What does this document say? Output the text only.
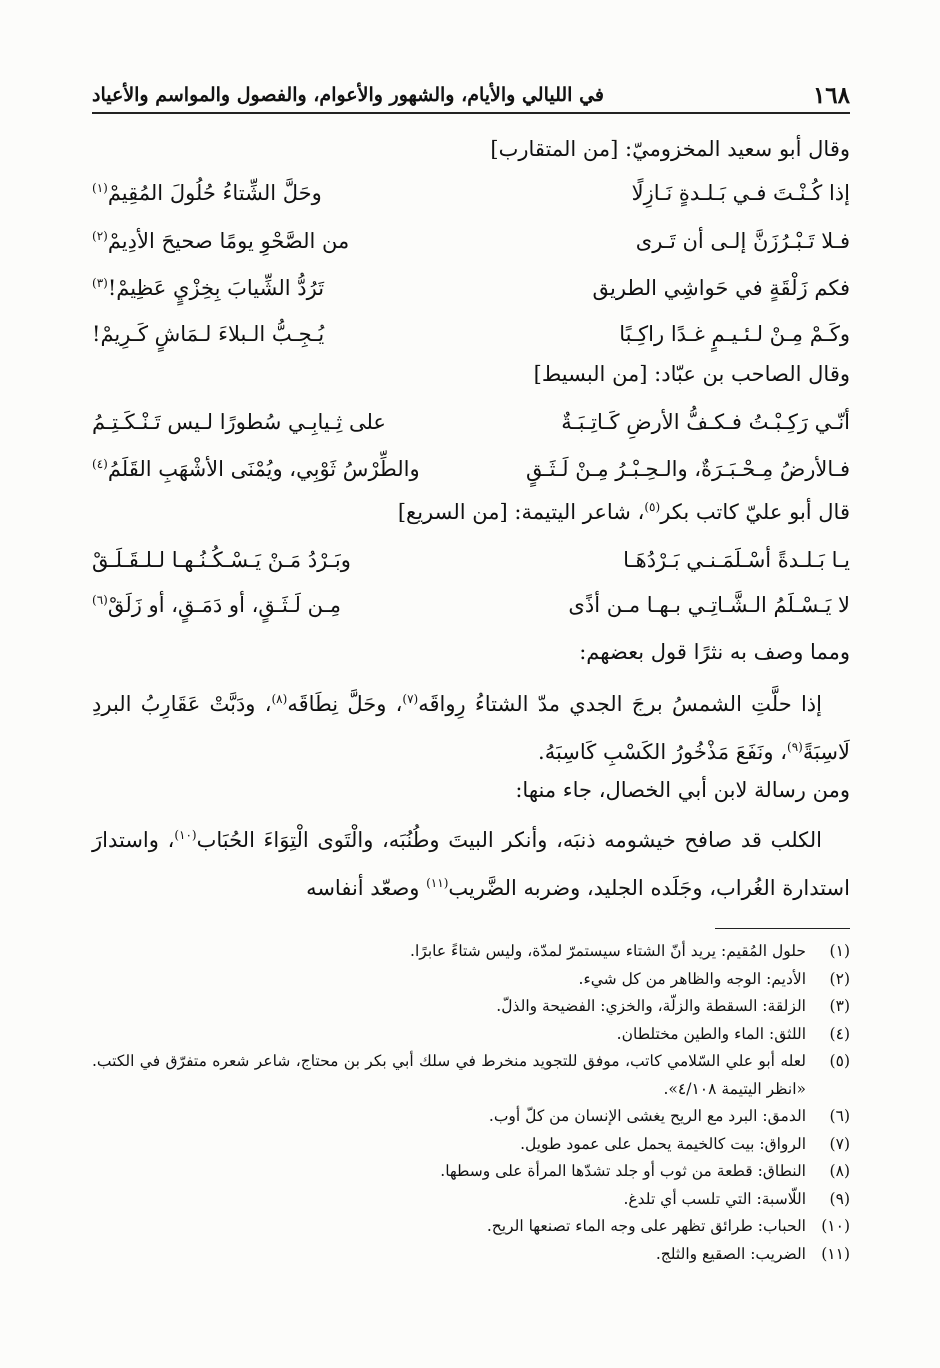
١٦٨
في الليالي والأيام، والشهور والأعوام، والفصول والمواسم والأعياد
وقال أبو سعيد المخزوميّ: [من المتقارب]
إذا كُـنْـتَ فـي بَـلـدةٍ نَـازِلًا
وحَلَّ الشِّتاءُ حُلُولَ المُقِيمْ$^{(١)}$
فـلا تَـبْـرُزَنَّ إلـى أن تَـرى
من الصَّحْوِ يومًا صحيحَ الأدِيمْ$^{(٢)}$
فكم زَلْقَةٍ في حَواشِي الطريق
تَرُدُّ الشِّيابَ بِخِزْيٍ عَظِيمْ!$^{(٣)}$
وكَـمْ مِـنْ لـئـيـمٍ غـدًا راكِـبًا
يُـجِـبُّ الـبلاءَ لـمَاشٍ كَـرِيمْ!
وقال الصاحب بن عبّاد: [من البسيط]
أنّـي رَكِـبْـتُ فـكـفُّ الأرضِ كَـاتِـبَـةٌ
على ثِـيابِـي سُطورًا لـيس تَـنْـكَـتِـمُ
فـالأرضُ مِـحْـبَـرَةٌ، والـحِـبْـرُ مِـنْ لَـثَـقٍ
والطِّرْسُ ثَوْبِي، ويُمْنَى الأشْهَبِ القَلَمُ$^{(٤)}$
قال أبو عليّ كاتب بكر$^{(٥)}$، شاعر اليتيمة: [من السريع]
يـا بَـلـدةً أسْـلَمَـنـي بَـرْدُهَـا
وبَـرْدُ مَـنْ يَـسْـكُـنُـهـا لـلـقَـلَـقْ
لا يَـسْـلَمُ الـشَّـاتِـي بـهـا مـن أذًى
مِـن لَـثَـقٍ، أو دَمَـقٍ، أو زَلَقْ$^{(٦)}$
ومما وصف به نثرًا قول بعضهم:
إذا حلَّتِ الشمسُ برجَ الجدي مدّ الشتاءُ رِواقَه$^{(٧)}$، وحَلَّ نِطَاقَه$^{(٨)}$، ودَبَّتْ عَقَارِبُ البردِ لَاسِبَةً$^{(٩)}$، ونَفَعَ مَذْخُورُ الكَسْبِ كَاسِبَهُ.
ومن رسالة لابن أبي الخصال، جاء منها:
الكلب قد صافح خيشومه ذنبَه، وأنكر البيتَ وطُنُبَه، والْتَوى الْتِوَاءَ الحُبَاب$^{(١٠)}$، واستدارَ استدارة الغُراب، وجَلَده الجليد، وضربه الضَّريب$^{(١١)}$ وصعّد أنفاسه
(١)
حلول المُقيم: يريد أنّ الشتاء سيستمرّ لمدّة، وليس شتاءً عابرًا.
(٢)
الأديم: الوجه والظاهر من كل شيء.
(٣)
الزلقة: السقطة والزلّة، والخزي: الفضيحة والذلّ.
(٤)
اللثق: الماء والطين مختلطان.
(٥)
لعله أبو علي السّلامي كاتب، موفق للتجويد منخرط في سلك أبي بكر بن محتاج، شاعر شعره متفرّق في الكتب. «انظر اليتيمة ٤/١٠٨».
(٦)
الدمق: البرد مع الريح يغشى الإنسان من كلّ أوب.
(٧)
الرواق: بيت كالخيمة يحمل على عمود طويل.
(٨)
النطاق: قطعة من ثوب أو جلد تشدّها المرأة على وسطها.
(٩)
اللّاسبة: التي تلسب أي تلدغ.
(١٠)
الحباب: طرائق تظهر على وجه الماء تصنعها الريح.
(١١)
الضريب: الصقيع والثلج.
